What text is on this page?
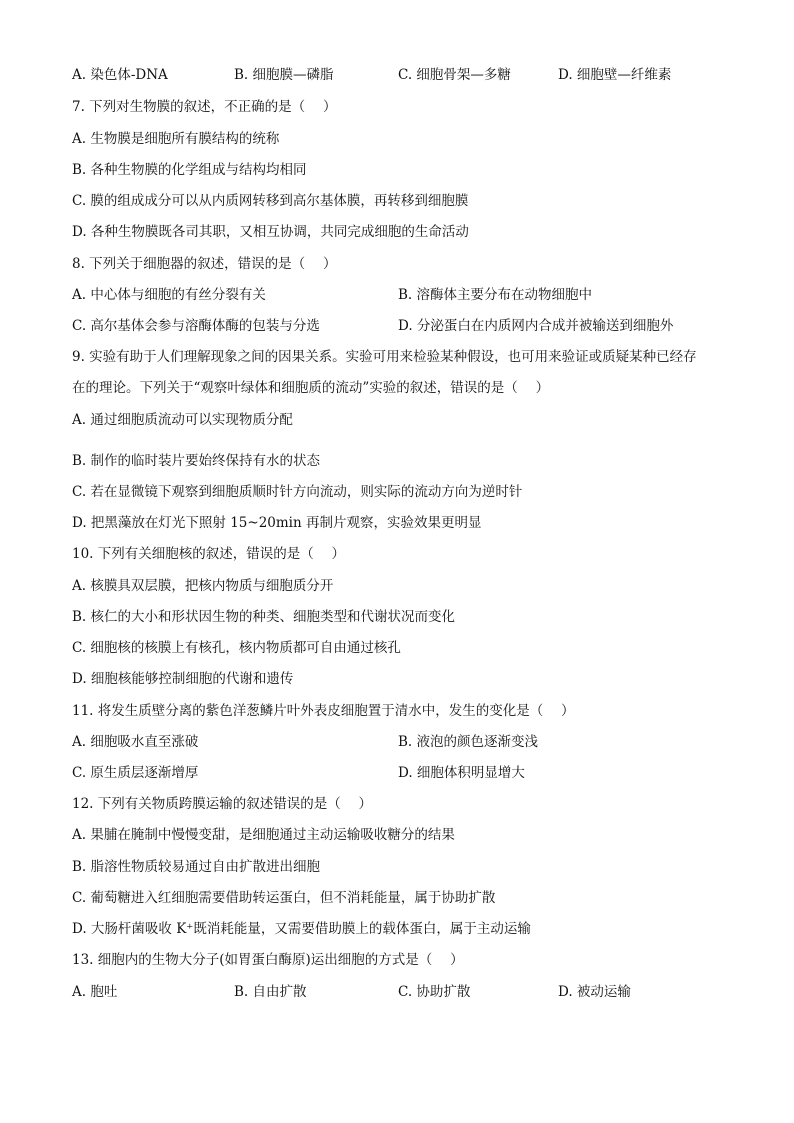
A. 染色体-DNA	B. 细胞膜—磷脂	C. 细胞骨架—多糖	D. 细胞壁—纤维素
7. 下列对生物膜的叙述，不正确的是（　 ）
A. 生物膜是细胞所有膜结构的统称
B. 各种生物膜的化学组成与结构均相同
C. 膜的组成成分可以从内质网转移到高尔基体膜，再转移到细胞膜
D. 各种生物膜既各司其职，又相互协调，共同完成细胞的生命活动
8. 下列关于细胞器的叙述，错误的是（　 ）
A. 中心体与细胞的有丝分裂有关	B. 溶酶体主要分布在动物细胞中
C. 高尔基体会参与溶酶体酶的包装与分选	D. 分泌蛋白在内质网内合成并被输送到细胞外
9. 实验有助于人们理解现象之间的因果关系。实验可用来检验某种假设，也可用来验证或质疑某种已经存
在的理论。下列关于“观察叶绿体和细胞质的流动”实验的叙述，错误的是（　 ）
A. 通过细胞质流动可以实现物质分配
B. 制作的临时装片要始终保持有水的状态
C. 若在显微镜下观察到细胞质顺时针方向流动，则实际的流动方向为逆时针
D. 把黑藻放在灯光下照射 15~20min 再制片观察，实验效果更明显
10. 下列有关细胞核的叙述，错误的是（　 ）
A. 核膜具双层膜，把核内物质与细胞质分开
B. 核仁的大小和形状因生物的种类、细胞类型和代谢状况而变化
C. 细胞核的核膜上有核孔，核内物质都可自由通过核孔
D. 细胞核能够控制细胞的代谢和遗传
11. 将发生质壁分离的紫色洋葱鳞片叶外表皮细胞置于清水中，发生的变化是（　 ）
A. 细胞吸水直至涨破	B. 液泡的颜色逐渐变浅
C. 原生质层逐渐增厚	D. 细胞体积明显增大
12. 下列有关物质跨膜运输的叙述错误的是（　 ）
A. 果脯在腌制中慢慢变甜，是细胞通过主动运输吸收糖分的结果
B. 脂溶性物质较易通过自由扩散进出细胞
C. 葡萄糖进入红细胞需要借助转运蛋白，但不消耗能量，属于协助扩散
D. 大肠杆菌吸收 K⁺既消耗能量，又需要借助膜上的载体蛋白，属于主动运输
13. 细胞内的生物大分子(如胃蛋白酶原)运出细胞的方式是（　 ）
A. 胞吐	B. 自由扩散	C. 协助扩散	D. 被动运输
